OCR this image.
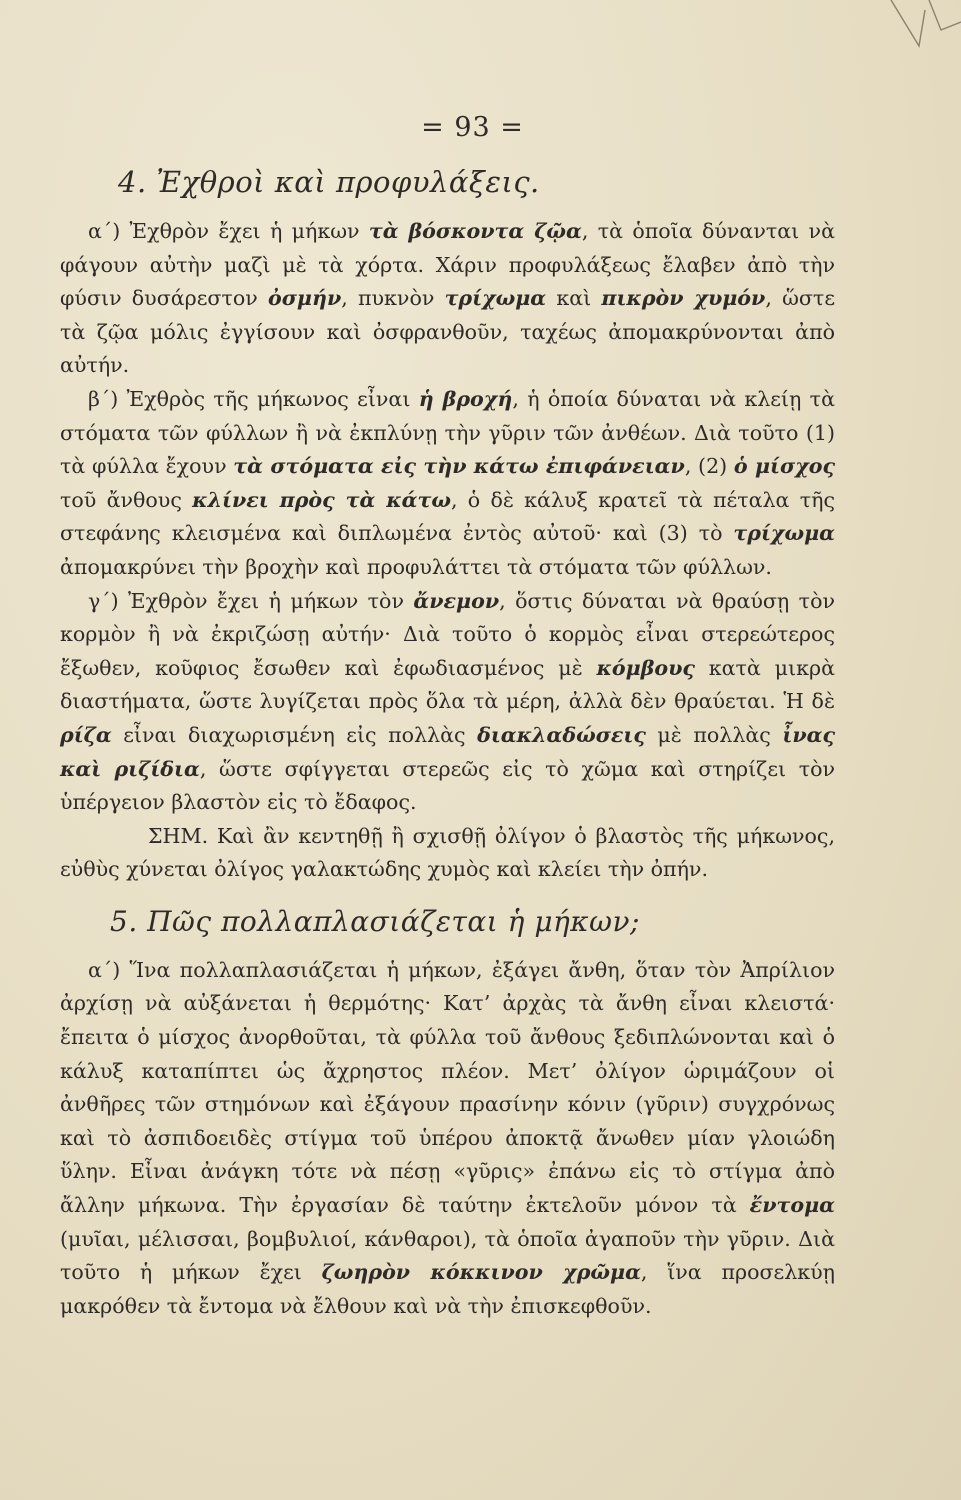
= 93 =
4. Ἐχθροὶ καὶ προφυλάξεις.

α΄) Ἐχθρὸν ἔχει ἡ μήκων τὰ βόσκοντα ζῷα, τὰ ὁποῖα δύνανται νὰ φάγουν αὐτὴν μαζὶ μὲ τὰ χόρτα. Χάριν προφυλάξεως ἔλαβεν ἀπὸ τὴν φύσιν δυσάρεστον ὀσμήν, πυκνὸν τρίχωμα καὶ πικρὸν χυμόν, ὥστε τὰ ζῷα μόλις ἐγγίσουν καὶ ὀσφρανθοῦν, ταχέως ἀπομακρύνονται ἀπὸ αὐτήν.

β΄) Ἐχθρὸς τῆς μήκωνος εἶναι ἡ βροχή, ἡ ὁποία δύναται νὰ κλείῃ τὰ στόματα τῶν φύλλων ἢ νὰ ἐκπλύνῃ τὴν γῦριν τῶν ἀνθέων. Διὰ τοῦτο (1) τὰ φύλλα ἔχουν τὰ στόματα εἰς τὴν κάτω ἐπιφάνειαν, (2) ὁ μίσχος τοῦ ἄνθους κλίνει πρὸς τὰ κάτω, ὁ δὲ κάλυξ κρατεῖ τὰ πέταλα τῆς στεφάνης κλεισμένα καὶ διπλωμένα ἐντὸς αὐτοῦ· καὶ (3) τὸ τρίχωμα ἀπομακρύνει τὴν βροχὴν καὶ προφυλάττει τὰ στόματα τῶν φύλλων.

γ΄) Ἐχθρὸν ἔχει ἡ μήκων τὸν ἄνεμον, ὅστις δύναται νὰ θραύσῃ τὸν κορμὸν ἢ νὰ ἐκριζώσῃ αὐτήν· Διὰ τοῦτο ὁ κορμὸς εἶναι στερεώτερος ἔξωθεν, κοῦφιος ἔσωθεν καὶ ἐφωδιασμένος μὲ κόμβους κατὰ μικρὰ διαστήματα, ὥστε λυγίζεται πρὸς ὅλα τὰ μέρη, ἀλλὰ δὲν θραύεται. Ἡ δὲ ρίζα εἶναι διαχωρισμένη εἰς πολλὰς διακλαδώσεις μὲ πολλὰς ἶνας καὶ ριζίδια, ὥστε σφίγγεται στερεῶς εἰς τὸ χῶμα καὶ στηρίζει τὸν ὑπέργειον βλαστὸν εἰς τὸ ἔδαφος.

ΣΗΜ. Καὶ ἂν κεντηθῇ ἢ σχισθῇ ὀλίγον ὁ βλαστὸς τῆς μήκωνος, εὐθὺς χύνεται ὀλίγος γαλακτώδης χυμὸς καὶ κλείει τὴν ὀπήν.

5. Πῶς πολλαπλασιάζεται ἡ μήκων;

α΄) Ἵνα πολλαπλασιάζεται ἡ μήκων, ἐξάγει ἄνθη, ὅταν τὸν Ἀπρίλιον ἀρχίσῃ νὰ αὐξάνεται ἡ θερμότης· Κατ’ ἀρχὰς τὰ ἄνθη εἶναι κλειστά· ἔπειτα ὁ μίσχος ἀνορθοῦται, τὰ φύλλα τοῦ ἄνθους ξεδιπλώνονται καὶ ὁ κάλυξ καταπίπτει ὡς ἄχρηστος πλέον. Μετ’ ὀλίγον ὡριμάζουν οἱ ἀνθῆρες τῶν στημόνων καὶ ἐξάγουν πρασίνην κόνιν (γῦριν) συγχρόνως καὶ τὸ ἀσπιδοειδὲς στίγμα τοῦ ὑπέρου ἀποκτᾷ ἄνωθεν μίαν γλοιώδη ὕλην. Εἶναι ἀνάγκη τότε νὰ πέσῃ «γῦρις» ἐπάνω εἰς τὸ στίγμα ἀπὸ ἄλλην μήκωνα. Τὴν ἐργασίαν δὲ ταύτην ἐκτελοῦν μόνον τὰ ἔντομα (μυῖαι, μέλισσαι, βομβυλιοί, κάνθαροι), τὰ ὁποῖα ἀγαποῦν τὴν γῦριν. Διὰ τοῦτο ἡ μήκων ἔχει ζωηρὸν κόκκινον χρῶμα, ἵνα προσελκύῃ μακρόθεν τὰ ἔντομα νὰ ἔλθουν καὶ νὰ τὴν ἐπισκεφθοῦν.
